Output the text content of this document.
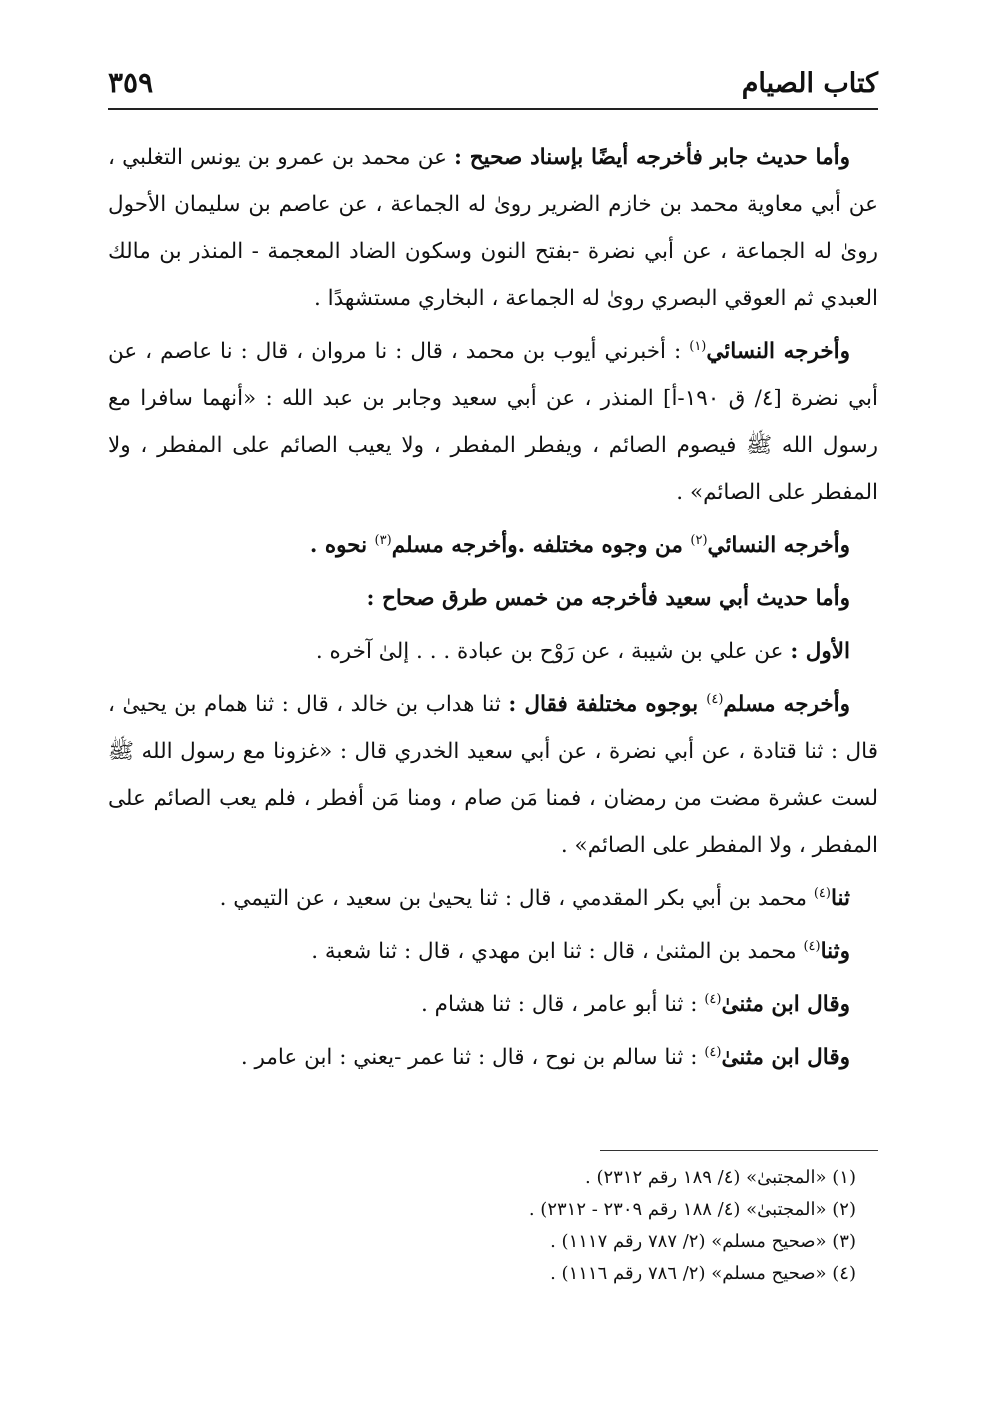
كتاب الصيام
٣٥٩

وأما حديث جابر فأخرجه أيضًا بإسناد صحيح : عن محمد بن عمرو بن يونس التغلبي ، عن أبي معاوية محمد بن خازم الضرير روىٰ له الجماعة ، عن عاصم بن سليمان الأحول روىٰ له الجماعة ، عن أبي نضرة -بفتح النون وسكون الضاد المعجمة - المنذر بن مالك العبدي ثم العوقي البصري روىٰ له الجماعة ، البخاري مستشهدًا .

وأخرجه النسائي$^{(١)}$ : أخبرني أيوب بن محمد ، قال : نا مروان ، قال : نا عاصم ، عن أبي نضرة [٤/ ق ١٩٠-أ] المنذر ، عن أبي سعيد وجابر بن عبد الله : «أنهما سافرا مع رسول الله ﷺ فيصوم الصائم ، ويفطر المفطر ، ولا يعيب الصائم على المفطر ، ولا المفطر على الصائم» .

وأخرجه النسائي$^{(٢)}$ من وجوه مختلفه .وأخرجه مسلم$^{(٣)}$ نحوه .

وأما حديث أبي سعيد فأخرجه من خمس طرق صحاح :

الأول : عن علي بن شيبة ، عن رَوْح بن عبادة . . . إلىٰ آخره .

وأخرجه مسلم$^{(٤)}$ بوجوه مختلفة فقال : ثنا هداب بن خالد ، قال : ثنا همام بن يحيىٰ ، قال : ثنا قتادة ، عن أبي نضرة ، عن أبي سعيد الخدري قال : «غزونا مع رسول الله ﷺ لست عشرة مضت من رمضان ، فمنا مَن صام ، ومنا مَن أفطر ، فلم يعب الصائم على المفطر ، ولا المفطر على الصائم» .

ثنا$^{(٤)}$ محمد بن أبي بكر المقدمي ، قال : ثنا يحيىٰ بن سعيد ، عن التيمي .

وثنا$^{(٤)}$ محمد بن المثنىٰ ، قال : ثنا ابن مهدي ، قال : ثنا شعبة .

وقال ابن مثنىٰ$^{(٤)}$ : ثنا أبو عامر ، قال : ثنا هشام .

وقال ابن مثنىٰ$^{(٤)}$ : ثنا سالم بن نوح ، قال : ثنا عمر -يعني : ابن عامر .

(١) «المجتبىٰ» (٤/ ١٨٩ رقم ٢٣١٢) .

(٢) «المجتبىٰ» (٤/ ١٨٨ رقم ٢٣٠٩ - ٢٣١٢) .

(٣) «صحيح مسلم» (٢/ ٧٨٧ رقم ١١١٧) .

(٤) «صحيح مسلم» (٢/ ٧٨٦ رقم ١١١٦) .
